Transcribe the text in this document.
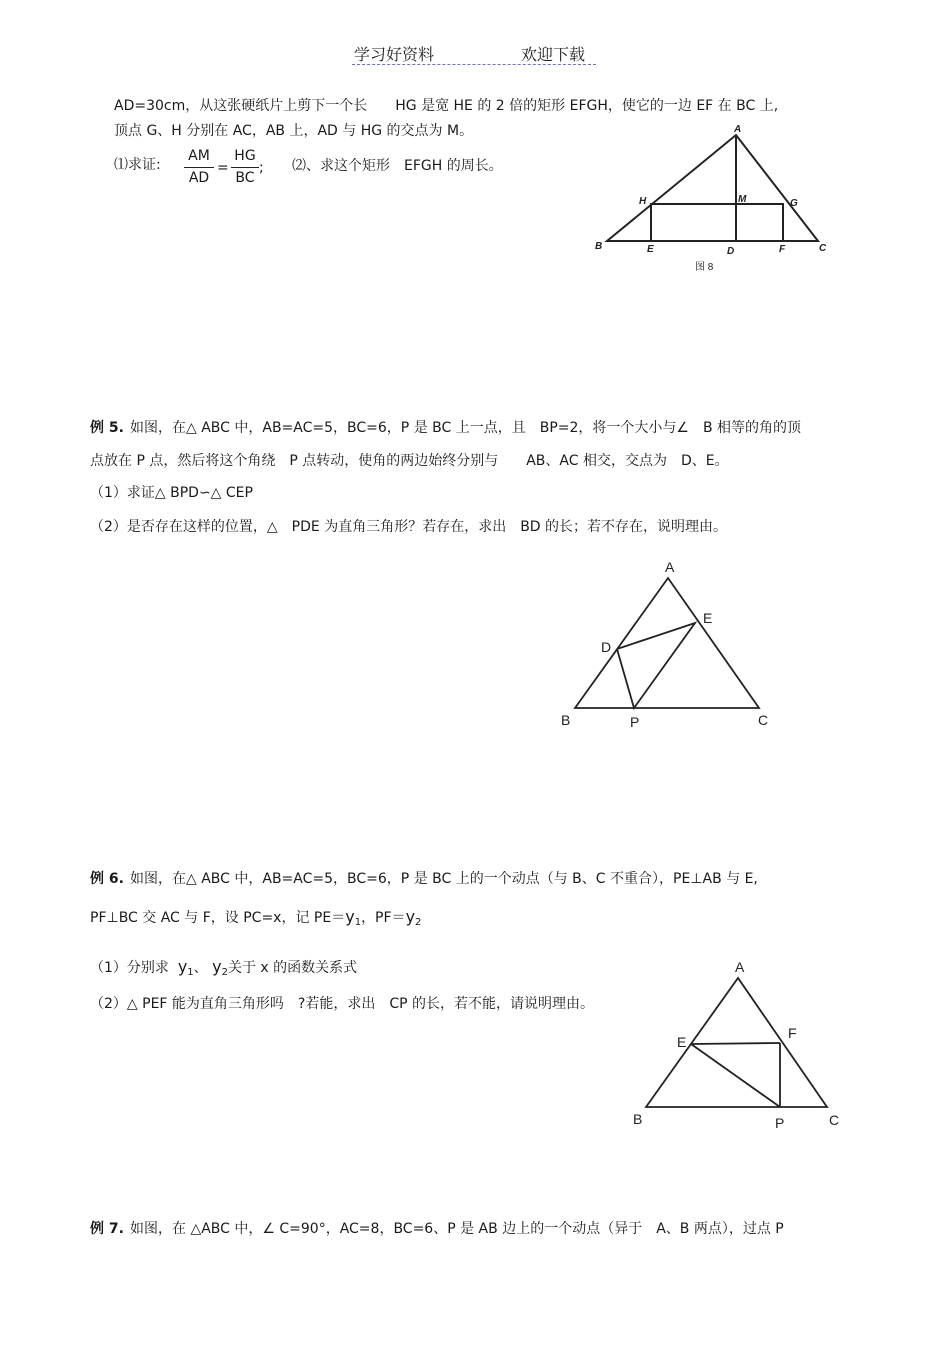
学习好资料	欢迎下载
AD=30cm，从这张硬纸片上剪下一个长　　HG 是宽 HE 的 2 倍的矩形 EFGH，使它的一边 EF 在 BC 上,
顶点 G、H 分别在 AC，AB 上，AD 与 HG 的交点为 M。
⑴求证:
AM
AD
=
HG
BC
; ⑵、求这个矩形　EFGH 的周长。
A
B	C
D
E	F
G
H	M
图 8
例 5. 如图，在△ ABC 中，AB=AC=5，BC=6，P 是 BC 上一点，且　BP=2，将一个大小与∠　B 相等的角的顶
点放在 P 点，然后将这个角绕　P 点转动，使角的两边始终分别与　　AB、AC 相交，交点为　D、E。
（1）求证△ BPD∽△ CEP
（2）是否存在这样的位置，△　PDE 为直角三角形？若存在，求出　BD 的长；若不存在，说明理由。
A
B	C
D
E
P
例 6. 如图，在△ ABC 中，AB=AC=5，BC=6，P 是 BC 上的一个动点（与 B、C 不重合），PE⊥AB 与 E,
PF⊥BC 交 AC 与 F，设 PC=x，记 $PE=y_1$，$PF=y_2$
（1）分别求 $y_1$、 $y_2$关于 x 的函数关系式
（2）△ PEF 能为直角三角形吗　?若能，求出　CP 的长，若不能，请说明理由。
A
B	C
E
F
P
例 7. 如图，在 △ABC 中，∠ C=90°，AC=8，BC=6、P 是 AB 边上的一个动点（异于　A、B 两点），过点 P
